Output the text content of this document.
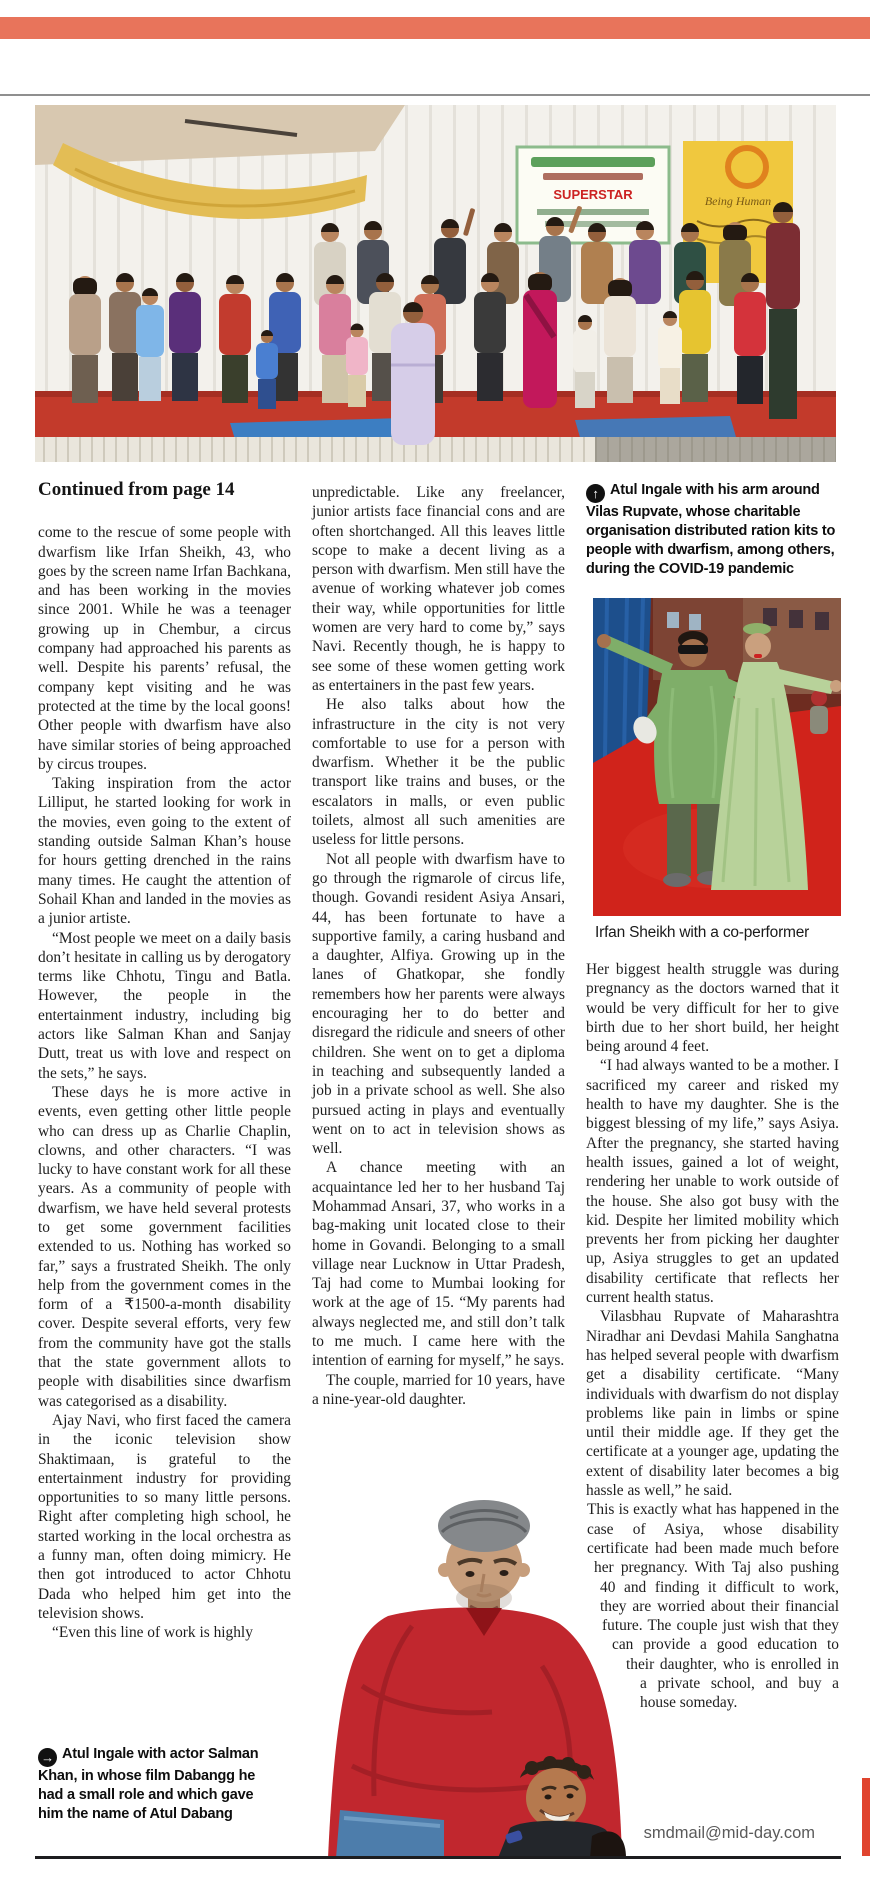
SUPERSTAR	Being Human
Continued from page 14

come to the rescue of some people with dwarfism like Irfan Sheikh, 43, who goes by the screen name Irfan Bachkana, and has been working in the movies since 2001. While he was a teenager growing up in Chembur, a circus company had approached his parents as well. Despite his parents’ refusal, the company kept visiting and he was protected at the time by the local goons! Other people with dwarfism have also have similar stories of being approached by circus troupes.

Taking inspiration from the actor Lilliput, he started looking for work in the movies, even going to the extent of standing outside Salman Khan’s house for hours getting drenched in the rains many times. He caught the attention of Sohail Khan and landed in the movies as a junior artiste.

“Most people we meet on a daily basis don’t hesitate in calling us by derogatory terms like Chhotu, Tingu and Batla. However, the people in the entertainment industry, including big actors like Salman Khan and Sanjay Dutt, treat us with love and respect on the sets,” he says.

These days he is more active in events, even getting other little people who can dress up as Charlie Chaplin, clowns, and other characters. “I was lucky to have constant work for all these years. As a community of people with dwarfism, we have held several protests to get some government facilities extended to us. Nothing has worked so far,” says a frustrated Sheikh. The only help from the government comes in the form of a ₹1500-a-month disability cover. Despite several efforts, very few from the community have got the stalls that the state government allots to people with disabilities since dwarfism was categorised as a disability.

Ajay Navi, who first faced the camera in the iconic television show Shaktimaan, is grateful to the entertainment industry for providing opportunities to so many little persons. Right after completing high school, he started working in the local orchestra as a funny man, often doing mimicry. He then got introduced to actor Chhotu Dada who helped him get into the television shows.

“Even this line of work is highly

unpredictable. Like any freelancer, junior artists face financial cons and are often shortchanged. All this leaves little scope to make a decent living as a person with dwarfism. Men still have the avenue of working whatever job comes their way, while opportunities for little women are very hard to come by,” says Navi. Recently though, he is happy to see some of these women getting work as entertainers in the past few years.

He also talks about how the infrastructure in the city is not very comfortable to use for a person with dwarfism. Whether it be the public transport like trains and buses, or the escalators in malls, or even public toilets, almost all such amenities are useless for little persons.

Not all people with dwarfism have to go through the rigmarole of circus life, though. Govandi resident Asiya Ansari, 44, has been fortunate to have a supportive family, a caring husband and a daughter, Alfiya. Growing up in the lanes of Ghatkopar, she fondly remembers how her parents were always encouraging her to do better and disregard the ridicule and sneers of other children. She went on to get a diploma in teaching and subsequently landed a job in a private school as well. She also pursued acting in plays and eventually went on to act in television shows as well.

A chance meeting with an acquaintance led her to her husband Taj Mohammad Ansari, 37, who works in a bag-making unit located close to their home in Govandi. Belonging to a small village near Lucknow in Uttar Pradesh, Taj had come to Mumbai looking for work at the age of 15. “My parents had always neglected me, and still don’t talk to me much. I came here with the intention of earning for myself,” he says.

The couple, married for 10 years, have a nine-year-old daughter.

↑ Atul Ingale with his arm around Vilas Rupvate, whose charitable organisation distributed ration kits to people with dwarfism, among others, during the COVID-19 pandemic
Irfan Sheikh with a co-performer

Her biggest health struggle was during pregnancy as the doctors warned that it would be very difficult for her to give birth due to her short build, her height being around 4 feet.

“I had always wanted to be a mother. I sacrificed my career and risked my health to have my daughter. She is the biggest blessing of my life,” says Asiya. After the pregnancy, she started having health issues, gained a lot of weight, rendering her unable to work outside of the house. She also got busy with the kid. Despite her limited mobility which prevents her from picking her daughter up, Asiya struggles to get an updated disability certificate that reflects her current health status.

Vilasbhau Rupvate of Maharashtra Niradhar ani Devdasi Mahila Sanghatna has helped several people with dwarfism get a disability certificate. “Many individuals with dwarfism do not display problems like pain in limbs or spine until their middle age. If they get the certificate at a younger age, updating the extent of disability later becomes a big hassle as well,” he said.

This is exactly what has happened in the case of Asiya, whose disability certificate had been made much before her pregnancy. With Taj also pushing 40 and finding it difficult to work, they are worried about their financial future. The couple just wish that they can provide a good education to their daughter, who is enrolled in a private school, and buy a house someday.

→ Atul Ingale with actor Salman Khan, in whose film Dabangg he had a small role and which gave him the name of Atul Dabang
smdmail@mid-day.com
